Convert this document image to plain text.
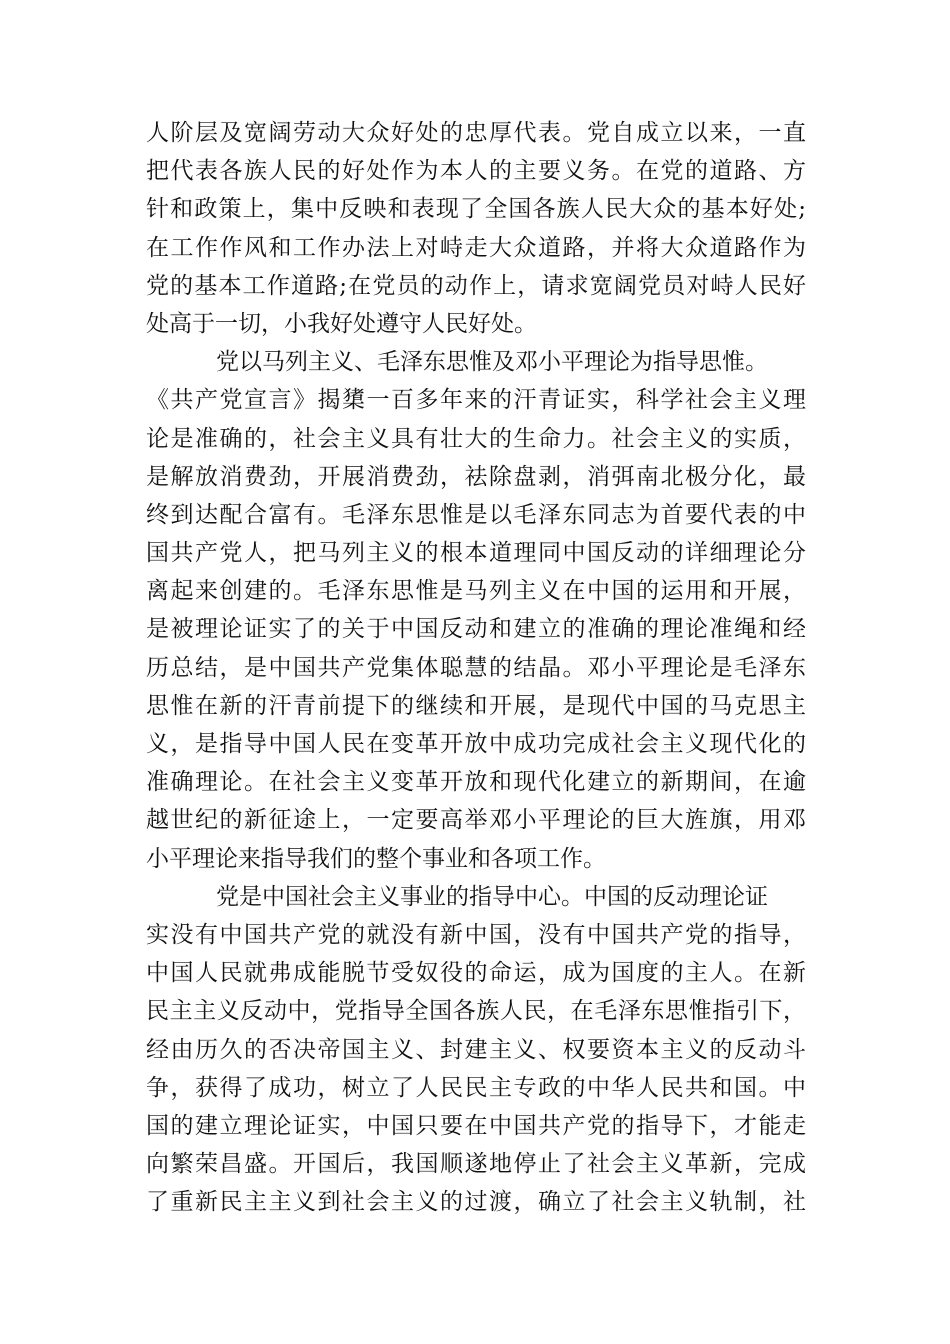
人阶层及宽阔劳动大众好处的忠厚代表。党自成立以来，一直
把代表各族人民的好处作为本人的主要义务。在党的道路、方
针和政策上，集中反映和表现了全国各族人民大众的基本好处;
在工作作风和工作办法上对峙走大众道路，并将大众道路作为
党的基本工作道路;在党员的动作上，请求宽阔党员对峙人民好
处高于一切，小我好处遵守人民好处。
党以马列主义、毛泽东思惟及邓小平理论为指导思惟。
《共产党宣言》揭橥一百多年来的汗青证实，科学社会主义理
论是准确的，社会主义具有壮大的生命力。社会主义的实质，
是解放消费劲，开展消费劲，祛除盘剥，消弭南北极分化，最
终到达配合富有。毛泽东思惟是以毛泽东同志为首要代表的中
国共产党人，把马列主义的根本道理同中国反动的详细理论分
离起来创建的。毛泽东思惟是马列主义在中国的运用和开展，
是被理论证实了的关于中国反动和建立的准确的理论准绳和经
历总结，是中国共产党集体聪慧的结晶。邓小平理论是毛泽东
思惟在新的汗青前提下的继续和开展，是现代中国的马克思主
义，是指导中国人民在变革开放中成功完成社会主义现代化的
准确理论。在社会主义变革开放和现代化建立的新期间，在逾
越世纪的新征途上，一定要高举邓小平理论的巨大旌旗，用邓
小平理论来指导我们的整个事业和各项工作。
党是中国社会主义事业的指导中心。中国的反动理论证
实没有中国共产党的就没有新中国，没有中国共产党的指导，
中国人民就弗成能脱节受奴役的命运，成为国度的主人。在新
民主主义反动中，党指导全国各族人民，在毛泽东思惟指引下，
经由历久的否决帝国主义、封建主义、权要资本主义的反动斗
争，获得了成功，树立了人民民主专政的中华人民共和国。中
国的建立理论证实，中国只要在中国共产党的指导下，才能走
向繁荣昌盛。开国后，我国顺遂地停止了社会主义革新，完成
了重新民主主义到社会主义的过渡，确立了社会主义轨制，社
